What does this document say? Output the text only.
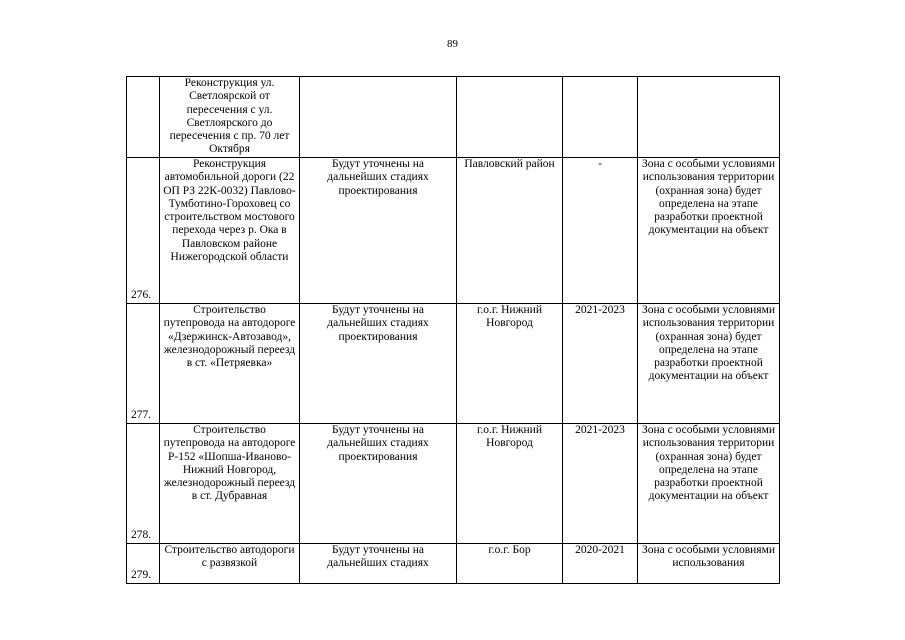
89
	Реконструкция ул. Светлоярской от пересечения с ул. Светлоярского до пересечения с пр. 70 лет Октября				
276.	Реконструкция автомобильной дороги (22 ОП РЗ 22К-0032) Павлово-Тумботино-Гороховец со строительством мостового перехода через р. Ока в Павловском районе Нижегородской области	Будут уточнены на дальнейших стадиях проектирования	Павловский район	-	Зона с особыми условиями использования территории (охранная зона) будет определена на этапе разработки проектной документации на объект
277.	Строительство путепровода на автодороге «Дзержинск-Автозавод», железнодорожный переезд в ст. «Петряевка»	Будут уточнены на дальнейших стадиях проектирования	г.о.г. Нижний Новгород	2021-2023	Зона с особыми условиями использования территории (охранная зона) будет определена на этапе разработки проектной документации на объект
278.	Строительство путепровода на автодороге Р-152 «Шопша-Иваново-Нижний Новгород, железнодорожный переезд в ст. Дубравная	Будут уточнены на дальнейших стадиях проектирования	г.о.г. Нижний Новгород	2021-2023	Зона с особыми условиями использования территории (охранная зона) будет определена на этапе разработки проектной документации на объект
279.	Строительство автодороги с развязкой	Будут уточнены на дальнейших стадиях	г.о.г. Бор	2020-2021	Зона с особыми условиями использования
